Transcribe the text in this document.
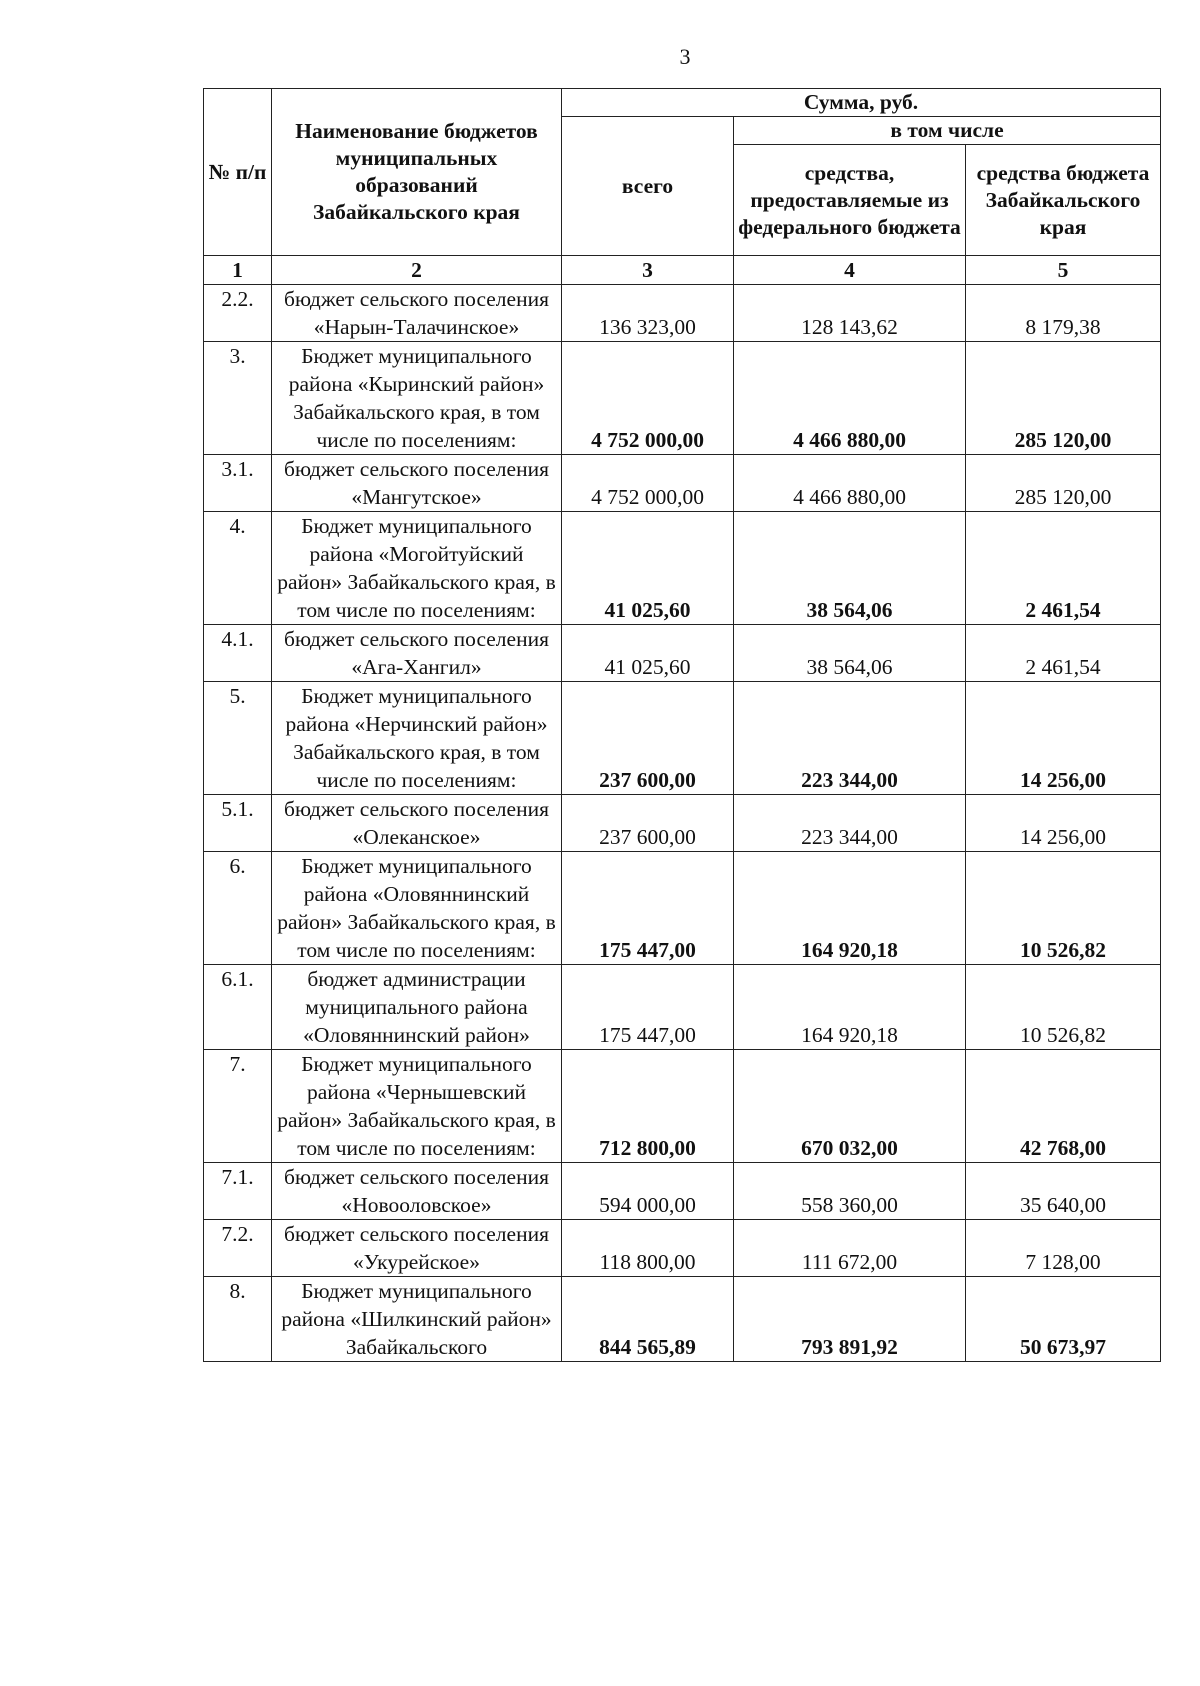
3
№ п/п	Наименование бюджетов муниципальных образований Забайкальского края	Сумма, руб.		
		всего	в том числе	
			средства, предоставляемые из федерального бюджета	средства бюджета Забайкальского края
1	2	3	4	5
2.2.	бюджет сельского поселения «Нарын-Талачинское»	136 323,00	128 143,62	8 179,38
3.	Бюджет муниципального района «Кыринский район» Забайкальского края, в том числе по поселениям:	4 752 000,00	4 466 880,00	285 120,00
3.1.	бюджет сельского поселения «Мангутское»	4 752 000,00	4 466 880,00	285 120,00
4.	Бюджет муниципального района «Могойтуйский район» Забайкальского края, в том числе по поселениям:	41 025,60	38 564,06	2 461,54
4.1.	бюджет сельского поселения «Ага-Хангил»	41 025,60	38 564,06	2 461,54
5.	Бюджет муниципального района «Нерчинский район» Забайкальского края, в том числе по поселениям:	237 600,00	223 344,00	14 256,00
5.1.	бюджет сельского поселения «Олеканское»	237 600,00	223 344,00	14 256,00
6.	Бюджет муниципального района «Оловяннинский район» Забайкальского края, в том числе по поселениям:	175 447,00	164 920,18	10 526,82
6.1.	бюджет администрации муниципального района «Оловяннинский район»	175 447,00	164 920,18	10 526,82
7.	Бюджет муниципального района «Чернышевский район» Забайкальского края, в том числе по поселениям:	712 800,00	670 032,00	42 768,00
7.1.	бюджет сельского поселения «Новооловское»	594 000,00	558 360,00	35 640,00
7.2.	бюджет сельского поселения «Укурейское»	118 800,00	111 672,00	7 128,00
8.	Бюджет муниципального района «Шилкинский район» Забайкальского	844 565,89	793 891,92	50 673,97
